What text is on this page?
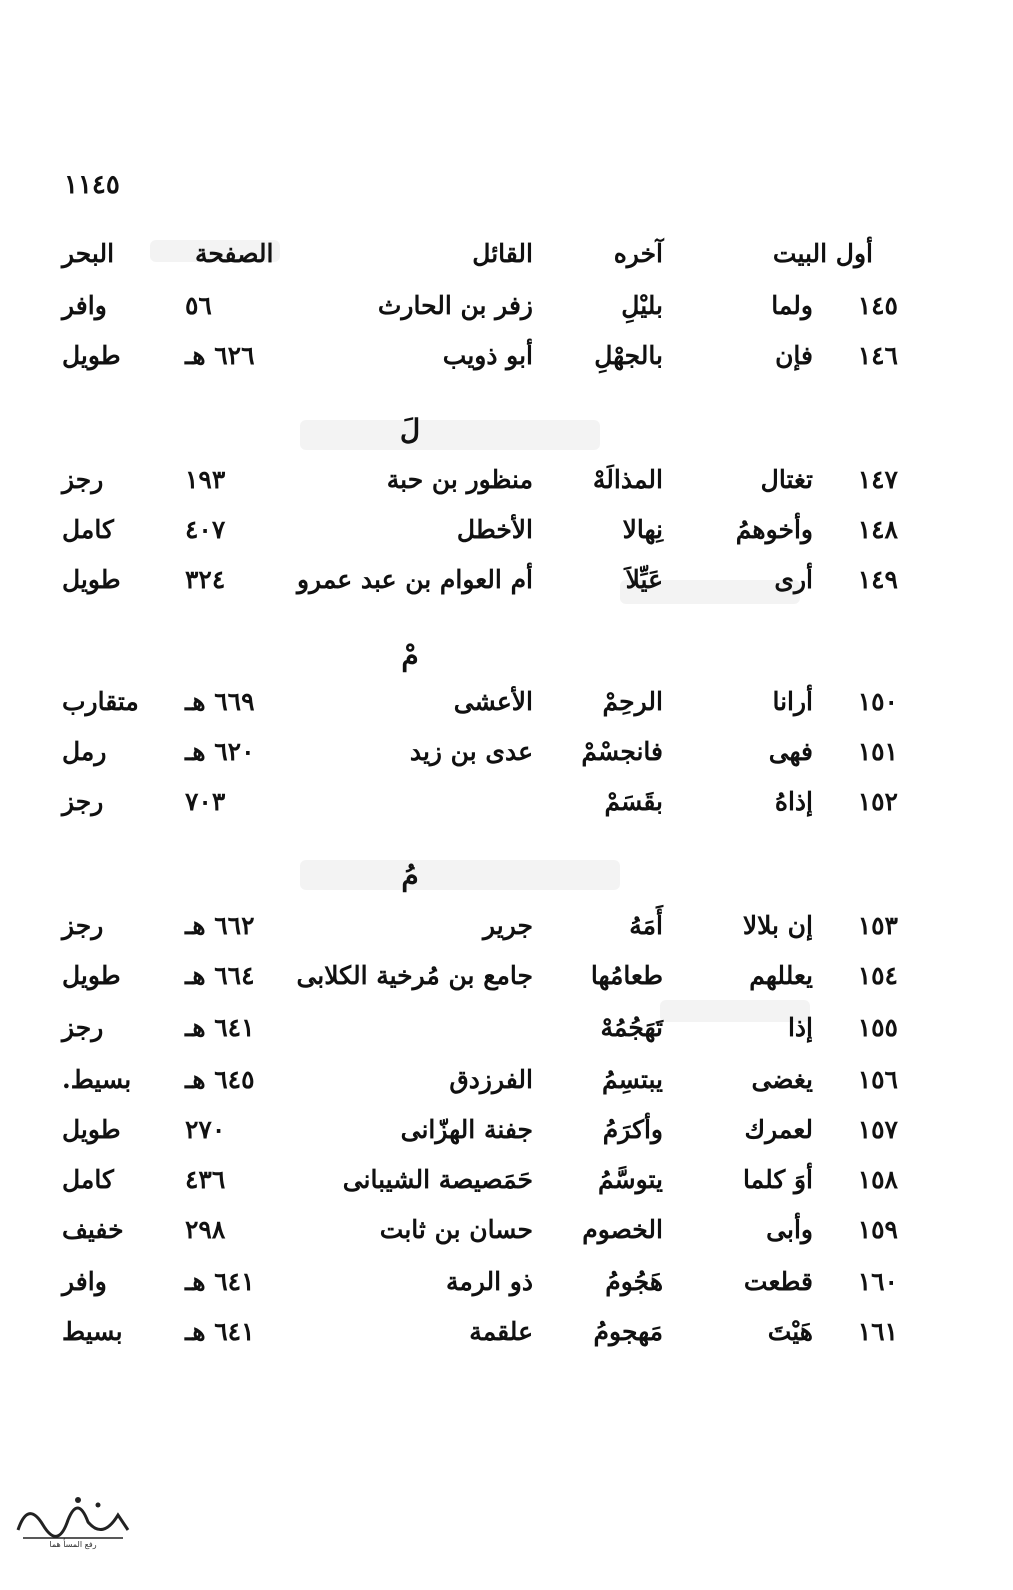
١١٤٥
أول البيت
آخره
القائل
الصفحة
البحر
١٤٥
ولما
بليْلِ
زفر بن الحارث
٥٦
وافر
١٤٦
فإن
بالجهْلِ
أبو ذويب
٦٢٦ هـ
طويل
لَ
١٤٧
تغتال
المذالَهْ
منظور بن حبة
١٩٣
رجز
١٤٨
وأخوهمُ
نِهالا
الأخطل
٤٠٧
كامل
١٤٩
أرى
عَيِّلاَ
أم العوام بن عبد عمرو
٣٢٤
طويل
مْ
١٥٠
أرانا
الرحِمْ
الأعشى
٦٦٩ هـ
متقارب
١٥١
فهى
فانجسْمْ
عدى بن زيد
٦٢٠ هـ
رمل
١٥٢
إذاهُ
بقَسَمْ
٧٠٣
رجز
مُ
١٥٣
إن بلالا
أَمَهُ
جرير
٦٦٢ هـ
رجز
١٥٤
يعللهم
طعامُها
جامع بن مُرخية الكلابى
٦٦٤ هـ
طويل
١٥٥
إذا
تَهَجُمُهْ
٦٤١ هـ
رجز
١٥٦
يغضى
يبتسِمُ
الفرزدق
٦٤٥ هـ
بسيط.
١٥٧
لعمرك
وأكرَمُ
جفنة الهزّانى
٢٧٠
طويل
١٥٨
أوَ كلما
يتوسَّمُ
حَمَصيصة الشيبانى
٤٣٦
كامل
١٥٩
وأبى
الخصوم
حسان بن ثابت
٢٩٨
خفيف
١٦٠
قطعت
هَجُومُ
ذو الرمة
٦٤١ هـ
وافر
١٦١
هَيْتَ
مَهجومُ
علقمة
٦٤١ هـ
بسيط
رفع المسأ هما
